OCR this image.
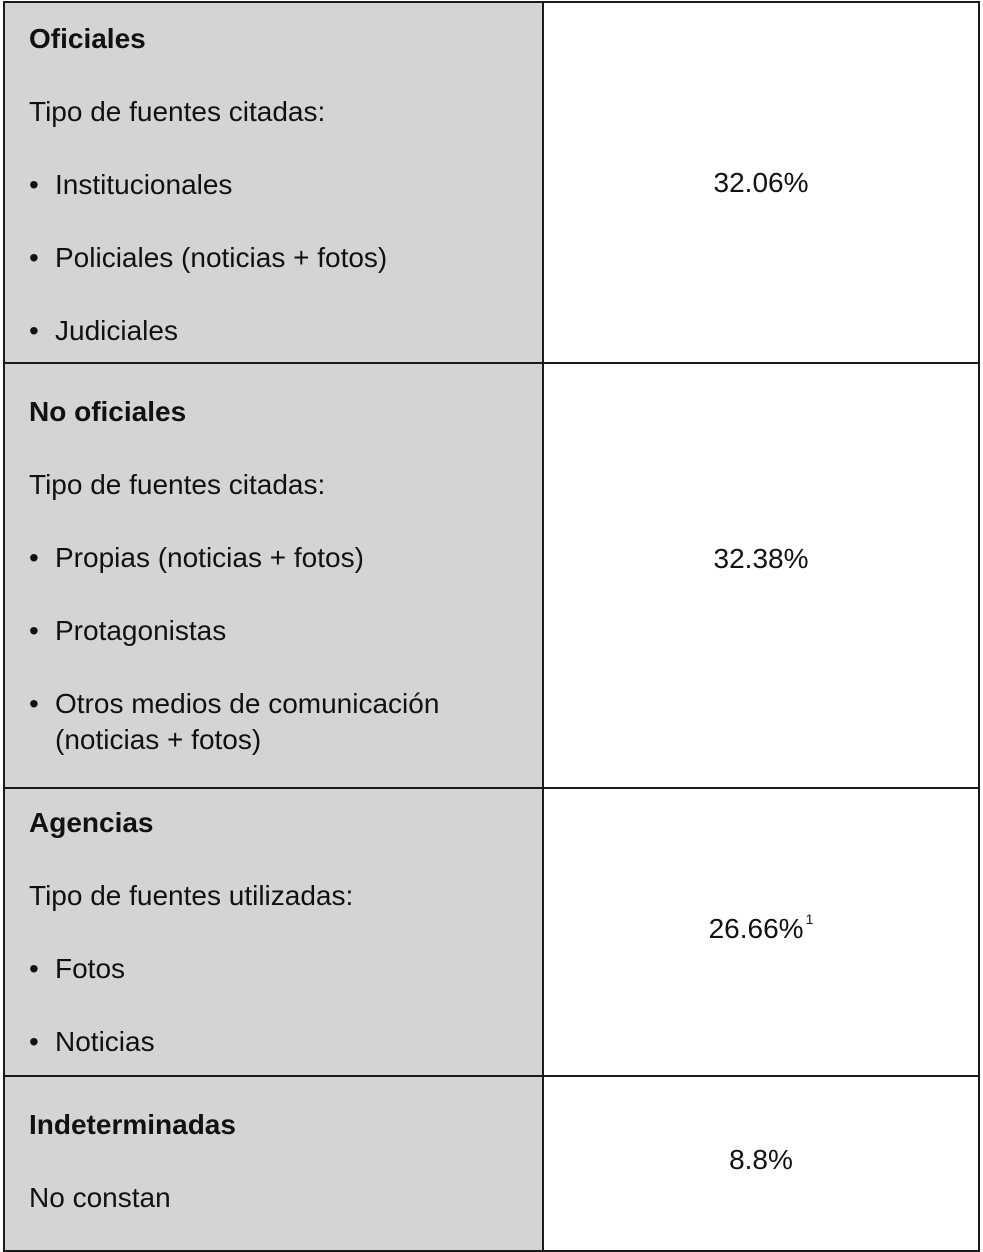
Oficiales
Tipo de fuentes citadas:
• Institucionales
• Policiales (noticias + fotos)
• Judiciales
32.06%
No oficiales
Tipo de fuentes citadas:
• Propias (noticias + fotos)
• Protagonistas
• Otros medios de comunicación (noticias + fotos)
32.38%
Agencias
Tipo de fuentes utilizadas:
• Fotos
• Noticias
26.66% $^1$
Indeterminadas
No constan
8.8%
